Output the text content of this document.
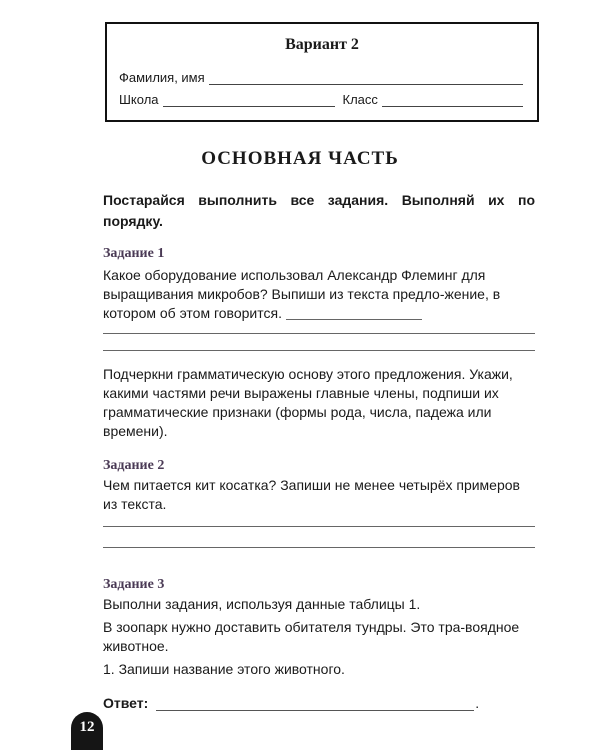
Вариант 2
Фамилия, имя
Школа	Класс
ОСНОВНАЯ ЧАСТЬ
Постарайся выполнить все задания. Выполняй их по порядку.
Задание 1
Какое оборудование использовал Александр Флеминг для выращивания микробов? Выпиши из текста предло-жение, в котором об этом говорится.
Подчеркни грамматическую основу этого предложения. Укажи, какими частями речи выражены главные члены, подпиши их грамматические признаки (формы рода, числа, падежа или времени).
Задание 2
Чем питается кит косатка? Запиши не менее четырёх примеров из текста.
Задание 3
Выполни задания, используя данные таблицы 1.
В зоопарк нужно доставить обитателя тундры. Это тра-воядное животное.
1. Запиши название этого животного.
Ответ:	.
12
